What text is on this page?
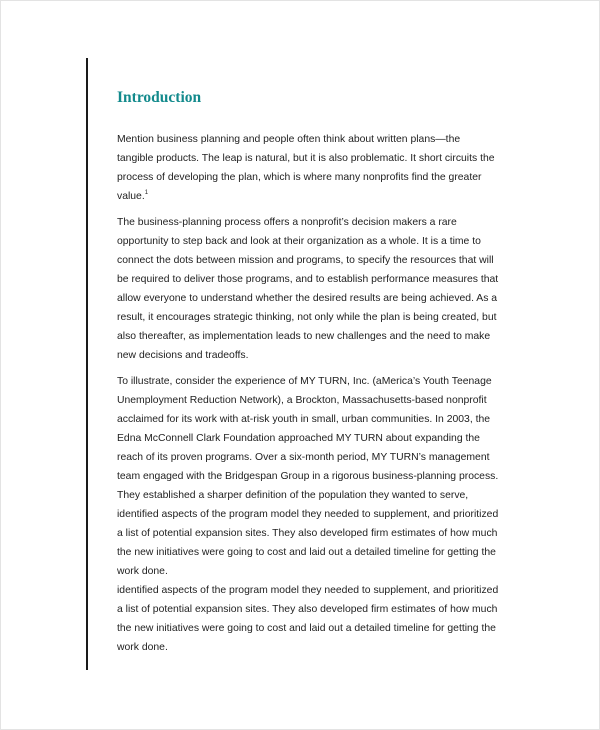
Introduction
Mention business planning and people often think about written plans—the
tangible products. The leap is natural, but it is also problematic. It short circuits the
process of developing the plan, which is where many nonprofits find the greater
value.$^1$
The business-planning process offers a nonprofit’s decision makers a rare
opportunity to step back and look at their organization as a whole. It is a time to
connect the dots between mission and programs, to specify the resources that will
be required to deliver those programs, and to establish performance measures that
allow everyone to understand whether the desired results are being achieved. As a
result, it encourages strategic thinking, not only while the plan is being created, but
also thereafter, as implementation leads to new challenges and the need to make
new decisions and tradeoffs.
To illustrate, consider the experience of MY TURN, Inc. (aMerica’s Youth Teenage
Unemployment Reduction Network), a Brockton, Massachusetts-based nonprofit
acclaimed for its work with at-risk youth in small, urban communities. In 2003, the
Edna McConnell Clark Foundation approached MY TURN about expanding the
reach of its proven programs. Over a six-month period, MY TURN’s management
team engaged with the Bridgespan Group in a rigorous business-planning process.
They established a sharper definition of the population they wanted to serve,
identified aspects of the program model they needed to supplement, and prioritized
a list of potential expansion sites. They also developed firm estimates of how much
the new initiatives were going to cost and laid out a detailed timeline for getting the
work done.
identified aspects of the program model they needed to supplement, and prioritized
a list of potential expansion sites. They also developed firm estimates of how much
the new initiatives were going to cost and laid out a detailed timeline for getting the
work done.
